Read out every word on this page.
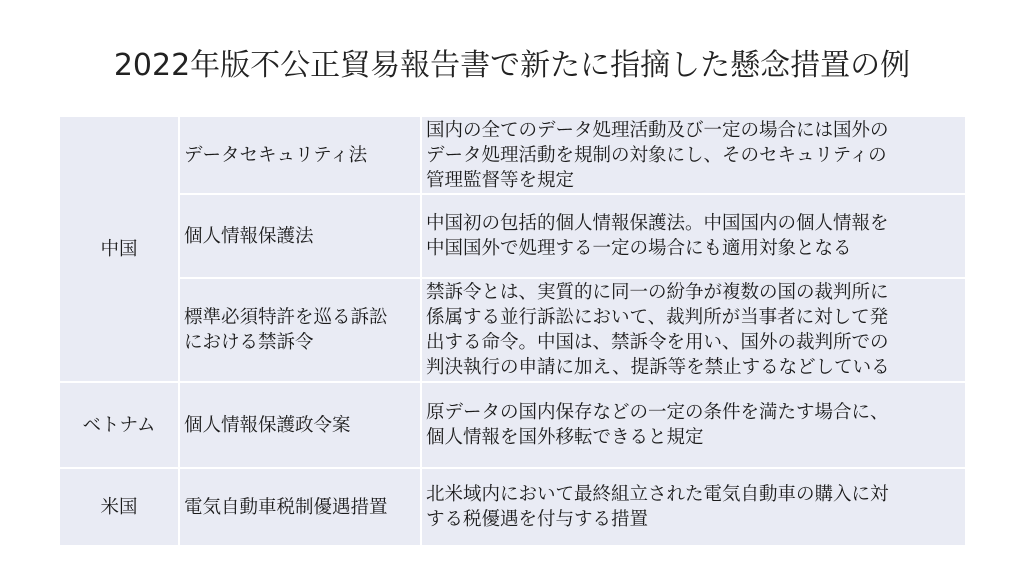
2022年版不公正貿易報告書で新たに指摘した懸念措置の例
中国	データセキュリティ法	国内の全てのデータ処理活動及び一定の場合には国外の
データ処理活動を規制の対象にし、そのセキュリティの
管理監督等を規定
	個人情報保護法	中国初の包括的個人情報保護法。中国国内の個人情報を
中国国外で処理する一定の場合にも適用対象となる
	標準必須特許を巡る訴訟
における禁訴令	禁訴令とは、実質的に同一の紛争が複数の国の裁判所に
係属する並行訴訟において、裁判所が当事者に対して発
出する命令。中国は、禁訴令を用い、国外の裁判所での
判決執行の申請に加え、提訴等を禁止するなどしている
ベトナム	個人情報保護政令案	原データの国内保存などの一定の条件を満たす場合に、
個人情報を国外移転できると規定
米国	電気自動車税制優遇措置	北米域内において最終組立された電気自動車の購入に対
する税優遇を付与する措置
